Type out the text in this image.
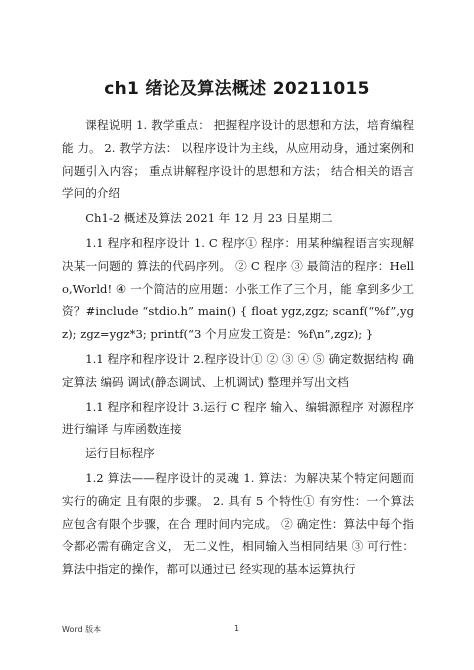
ch1 绪论及算法概述 20211015

课程说明 1. 教学重点： 把握程序设计的思想和方法，培育编程能 力。 2. 教学方法： 以程序设计为主线，从应用动身，通过案例和问题引入内容； 重点讲解程序设计的思想和方法； 结合相关的语言学问的介绍

Ch1-2 概述及算法 2021 年 12 月 23 日星期二

1.1 程序和程序设计 1. C 程序① 程序：用某种编程语言实现解决某一问题的 算法的代码序列。 ② C 程序 ③ 最简洁的程序：Hello,World! ④ 一个简洁的应用题：小张工作了三个月，能 拿到多少工资？#include “stdio.h” main() { float ygz,zgz; scanf(“%f”,ygz); zgz=ygz*3; printf(“3 个月应发工资是：%f\n”,zgz); }

1.1 程序和程序设计 2.程序设计① ② ③ ④ ⑤ 确定数据结构 确定算法 编码 调试(静态调试、上机调试) 整理并写出文档

1.1 程序和程序设计 3.运行 C 程序 输入、编辑源程序 对源程序进行编译 与库函数连接

运行目标程序

1.2 算法——程序设计的灵魂 1. 算法：为解决某个特定问题而实行的确定 且有限的步骤。 2. 具有 5 个特性① 有穷性：一个算法应包含有限个步骤，在合 理时间内完成。 ② 确定性：算法中每个指令都必需有确定含义， 无二义性，相同输入当相同结果 ③ 可行性：算法中指定的操作，都可以通过已 经实现的基本运算执行

Word 版本	1
